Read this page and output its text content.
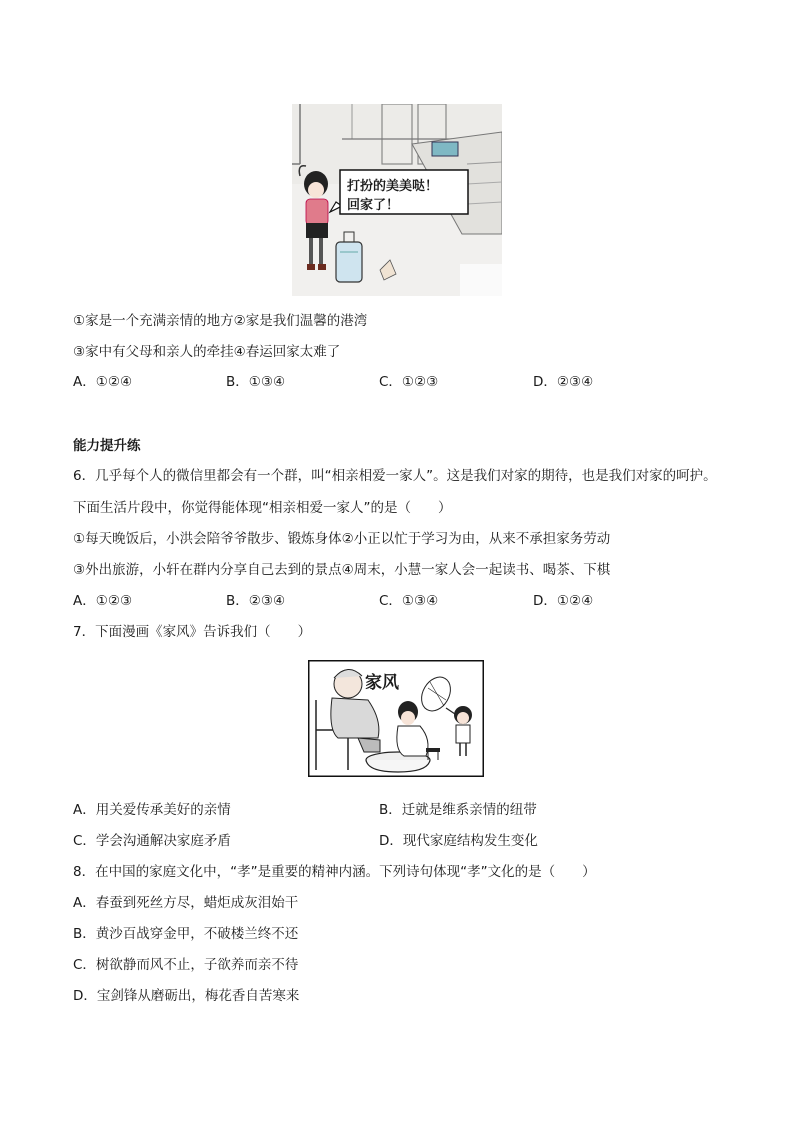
打扮的美美哒！
回家了！
①家是一个充满亲情的地方②家是我们温馨的港湾
③家中有父母和亲人的牵挂④春运回家太难了
A．①②④	B．①③④	C．①②③	D．②③④
能力提升练
6．几乎每个人的微信里都会有一个群，叫“相亲相爱一家人”。这是我们对家的期待，也是我们对家的呵护。
下面生活片段中，你觉得能体现“相亲相爱一家人”的是（　　）
①每天晚饭后，小洪会陪爷爷散步、锻炼身体②小正以忙于学习为由，从来不承担家务劳动
③外出旅游，小轩在群内分享自己去到的景点④周末，小慧一家人会一起读书、喝茶、下棋
A．①②③	B．②③④	C．①③④	D．①②④
7．下面漫画《家风》告诉我们（　　）
家风
A．用关爱传承美好的亲情	B．迁就是维系亲情的纽带
C．学会沟通解决家庭矛盾	D．现代家庭结构发生变化
8．在中国的家庭文化中，“孝”是重要的精神内涵。下列诗句体现“孝”文化的是（　　）
A．春蚕到死丝方尽，蜡炬成灰泪始干
B．黄沙百战穿金甲，不破楼兰终不还
C．树欲静而风不止，子欲养而亲不待
D．宝剑锋从磨砺出，梅花香自苦寒来
